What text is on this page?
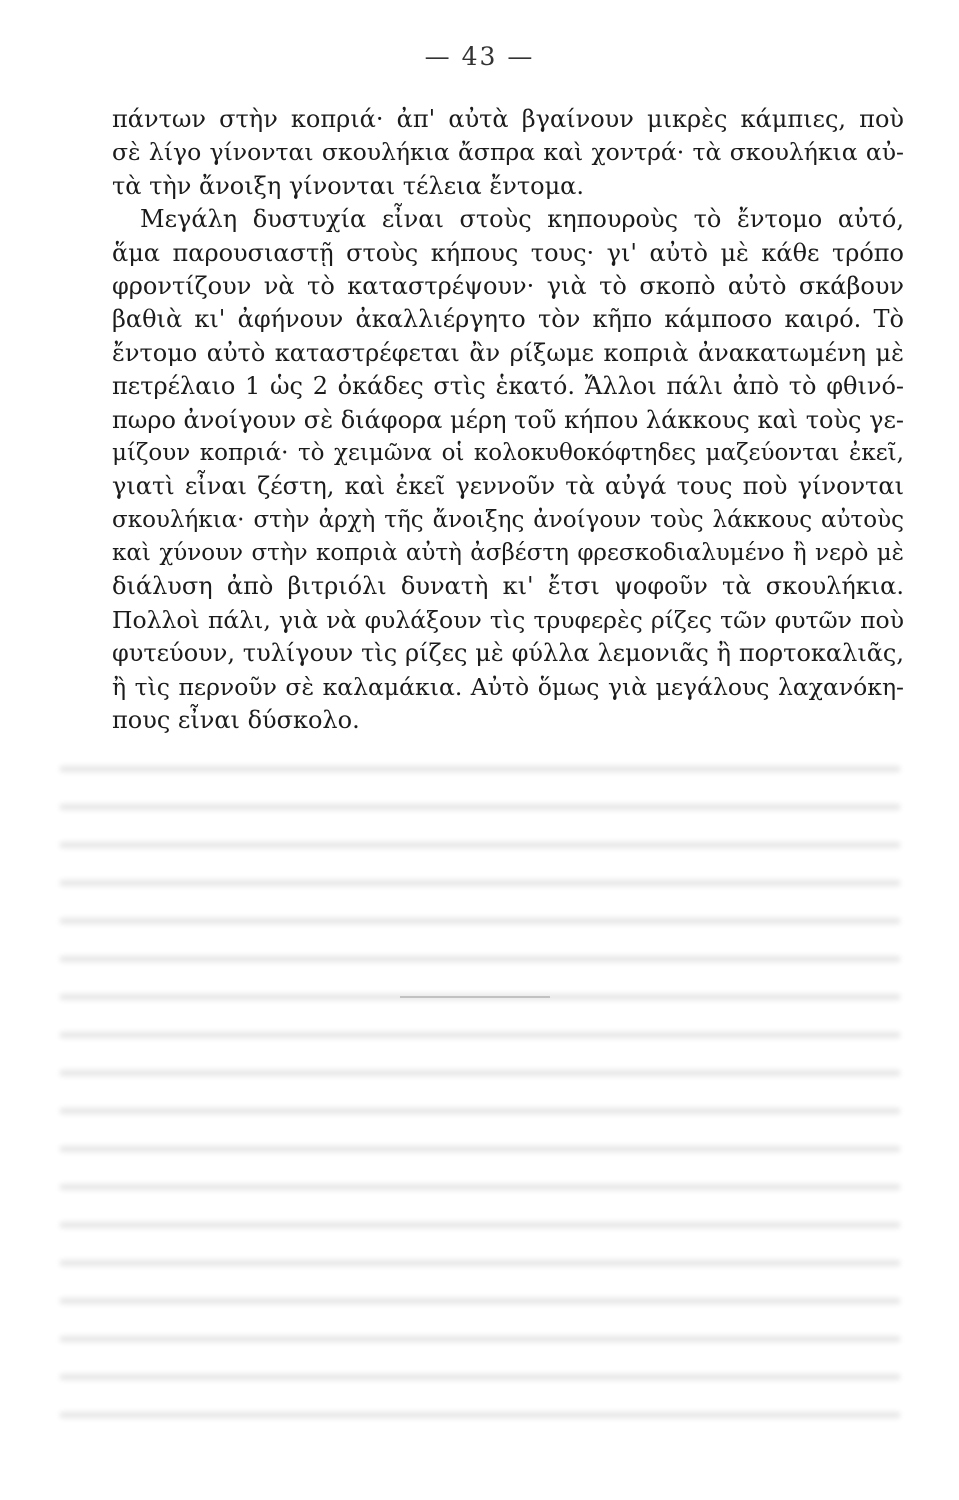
— 43 —
πάντων στὴν κοπριά· ἀπ' αὐτὰ βγαίνουν μικρὲς κάμπιες, ποὺ
σὲ λίγο γίνονται σκουλήκια ἄσπρα καὶ χοντρά· τὰ σκουλήκια αὐ-
τὰ τὴν ἄνοιξη γίνονται τέλεια ἔντομα.
Μεγάλη δυστυχία εἶναι στοὺς κηπουροὺς τὸ ἔντομο αὐτό,
ἅμα παρουσιαστῇ στοὺς κήπους τους· γι' αὐτὸ μὲ κάθε τρόπο
φροντίζουν νὰ τὸ καταστρέψουν· γιὰ τὸ σκοπὸ αὐτὸ σκάβουν
βαθιὰ κι' ἀφήνουν ἀκαλλιέργητο τὸν κῆπο κάμποσο καιρό. Τὸ
ἔντομο αὐτὸ καταστρέφεται ἂν ρίξωμε κοπριὰ ἀνακατωμένη μὲ
πετρέλαιο 1 ὡς 2 ὀκάδες στὶς ἑκατό. Ἄλλοι πάλι ἀπὸ τὸ φθινό-
πωρο ἀνοίγουν σὲ διάφορα μέρη τοῦ κήπου λάκκους καὶ τοὺς γε-
μίζουν κοπριά· τὸ χειμῶνα οἱ κολοκυθοκόφτηδες μαζεύονται ἐκεῖ,
γιατὶ εἶναι ζέστη, καὶ ἐκεῖ γεννοῦν τὰ αὐγά τους ποὺ γίνονται
σκουλήκια· στὴν ἀρχὴ τῆς ἄνοιξης ἀνοίγουν τοὺς λάκκους αὐτοὺς
καὶ χύνουν στὴν κοπριὰ αὐτὴ ἀσβέστη φρεσκοδιαλυμένο ἢ νερὸ μὲ
διάλυση ἀπὸ βιτριόλι δυνατὴ κι' ἔτσι ψοφοῦν τὰ σκουλήκια.
Πολλοὶ πάλι, γιὰ νὰ φυλάξουν τὶς τρυφερὲς ρίζες τῶν φυτῶν ποὺ
φυτεύουν, τυλίγουν τὶς ρίζες μὲ φύλλα λεμονιᾶς ἢ πορτοκαλιᾶς,
ἢ τὶς περνοῦν σὲ καλαμάκια. Αὐτὸ ὅμως γιὰ μεγάλους λαχανόκη-
πους εἶναι δύσκολο.
